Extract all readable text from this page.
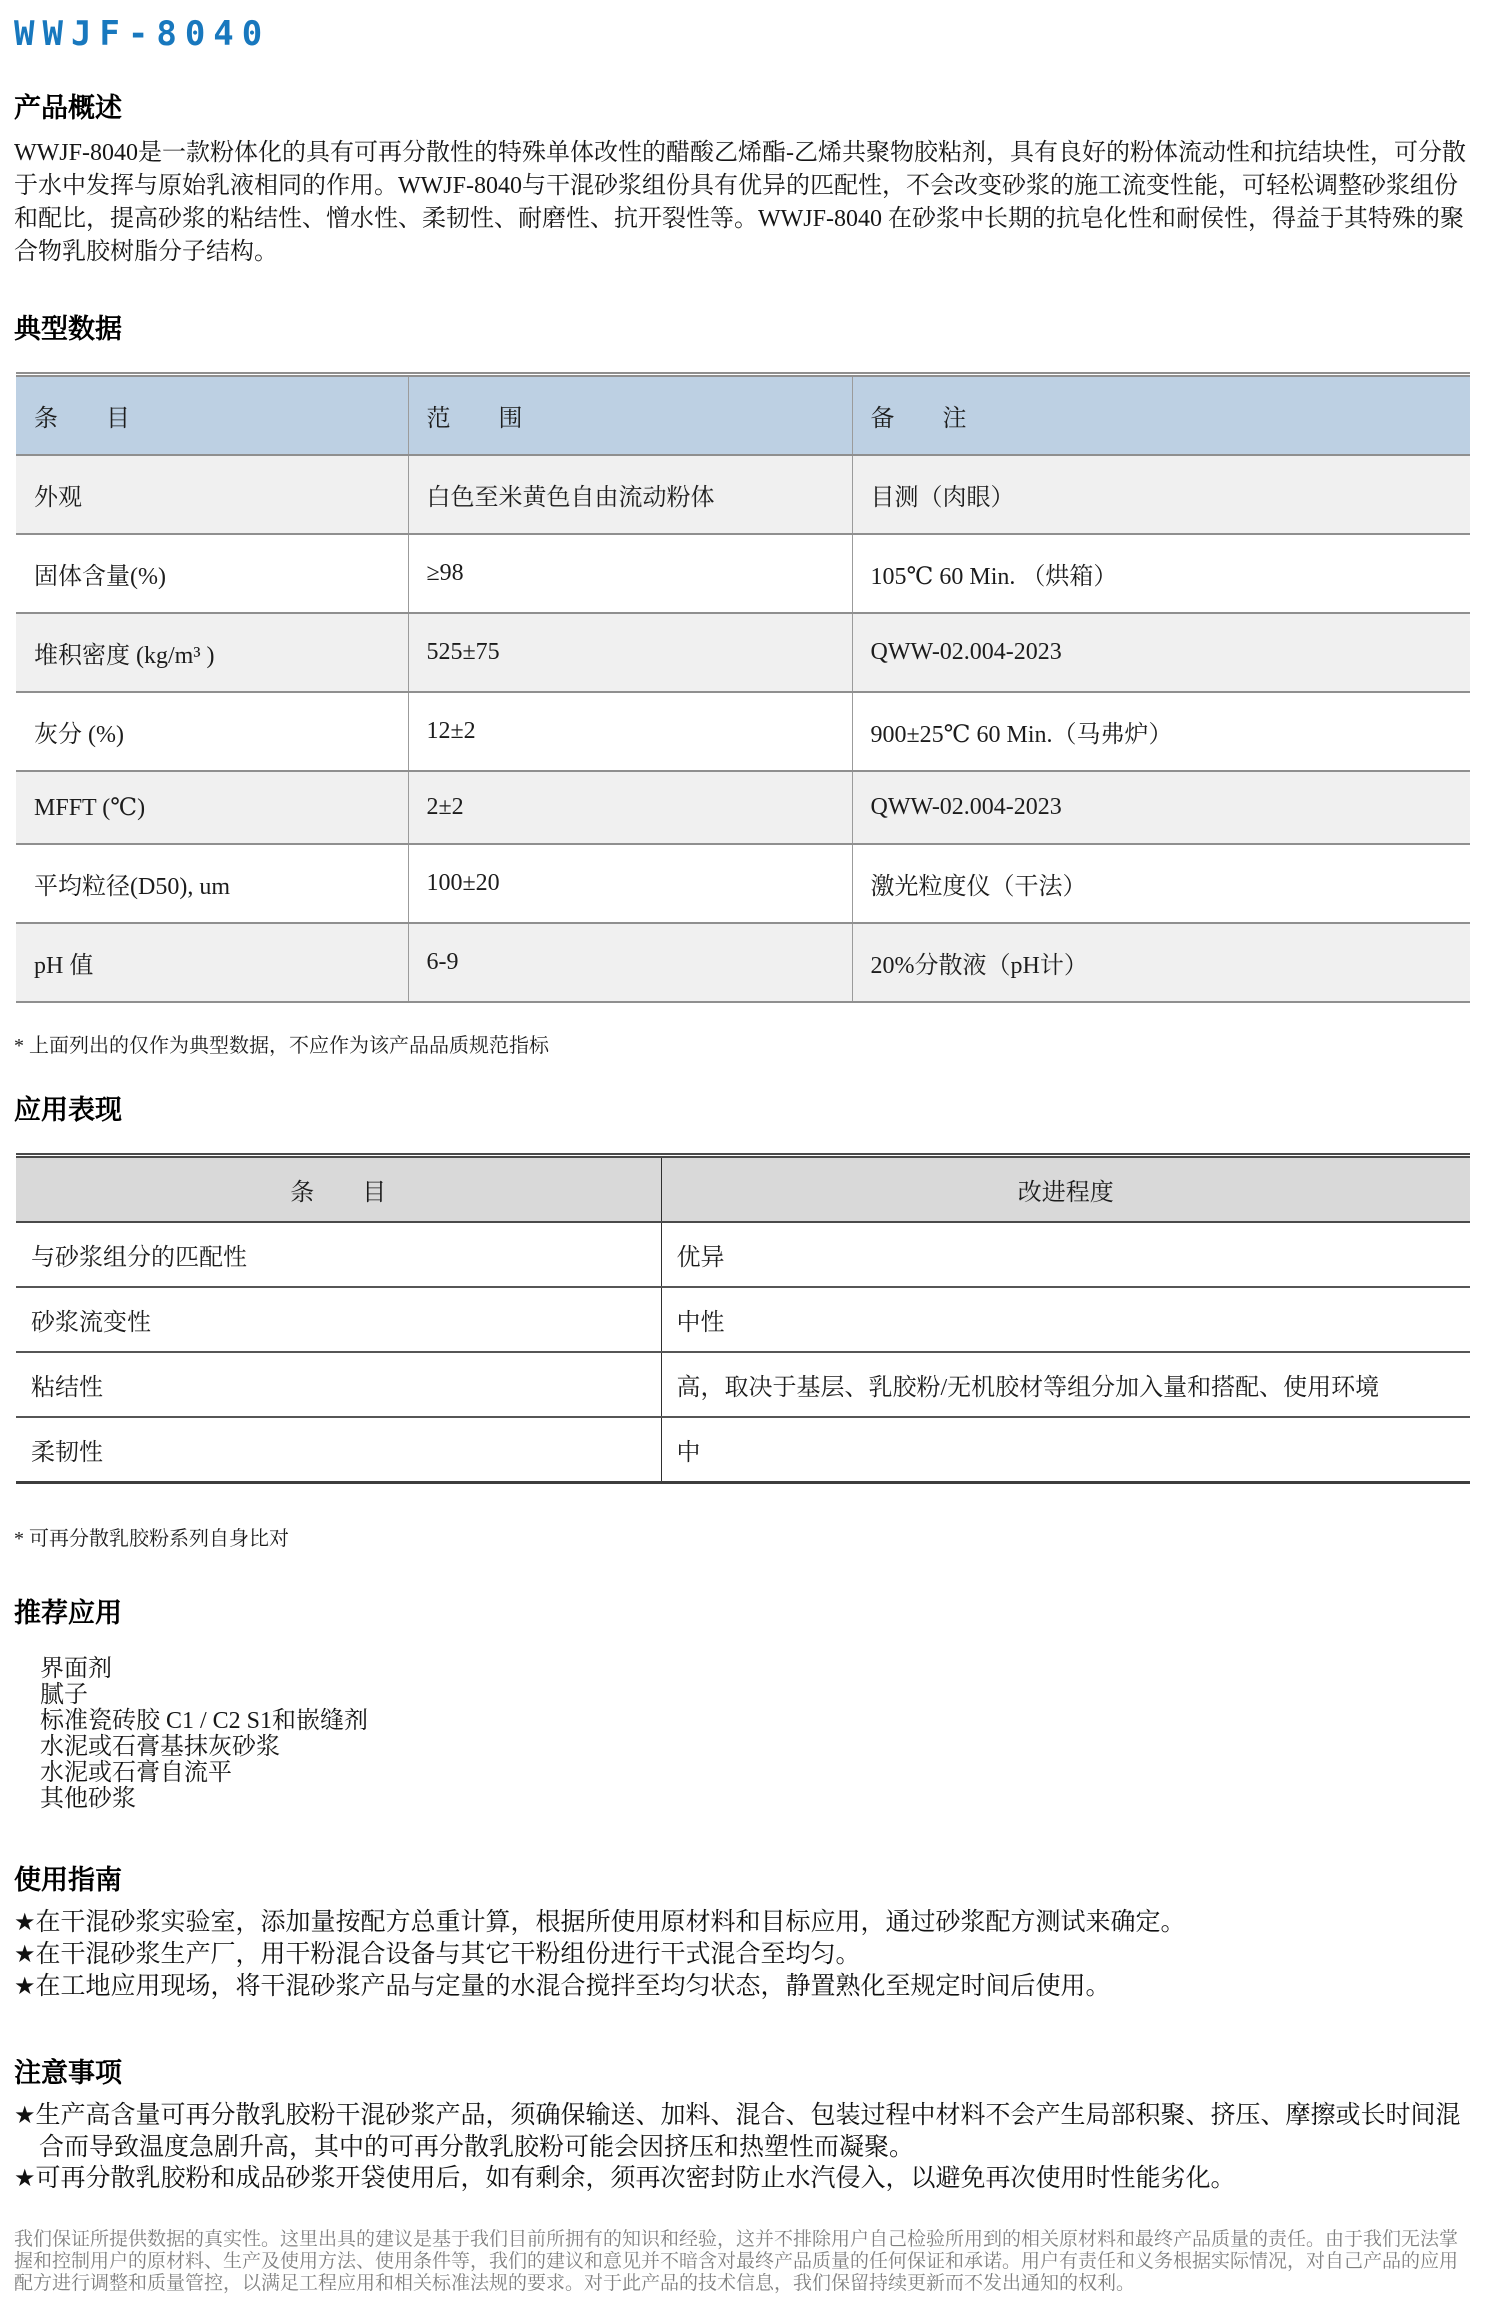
WWJF-8040
产品概述

WWJF-8040是一款粉体化的具有可再分散性的特殊单体改性的醋酸乙烯酯-乙烯共聚物胶粘剂，具有良好的粉体流动性和抗结块性，可分散于水中发挥与原始乳液相同的作用。WWJF-8040与干混砂浆组份具有优异的匹配性，不会改变砂浆的施工流变性能，可轻松调整砂浆组份和配比，提高砂浆的粘结性、憎水性、柔韧性、耐磨性、抗开裂性等。WWJF-8040 在砂浆中长期的抗皂化性和耐侯性，得益于其特殊的聚合物乳胶树脂分子结构。

典型数据
条　　目	范　　围	备　　注
外观	白色至米黄色自由流动粉体	目测（肉眼）
固体含量(%)	≥98	105℃ 60 Min. （烘箱）
堆积密度 (kg/m³ )	525±75	QWW-02.004-2023
灰分 (%)	12±2	900±25℃ 60 Min.（马弗炉）
MFFT (℃)	2±2	QWW-02.004-2023
平均粒径(D50), um	100±20	激光粒度仪（干法）
pH 值	6-9	20%分散液（pH计）
* 上面列出的仅作为典型数据，不应作为该产品品质规范指标
应用表现
条　　目	改进程度
与砂浆组分的匹配性	优异
砂浆流变性	中性
粘结性	高，取决于基层、乳胶粉/无机胶材等组分加入量和搭配、使用环境
柔韧性	中
* 可再分散乳胶粉系列自身比对
推荐应用
界面剂
腻子
标准瓷砖胶 C1 / C2 S1和嵌缝剂
水泥或石膏基抹灰砂浆
水泥或石膏自流平
其他砂浆
使用指南
★在干混砂浆实验室，添加量按配方总重计算，根据所使用原材料和目标应用，通过砂浆配方测试来确定。
★在干混砂浆生产厂，用干粉混合设备与其它干粉组份进行干式混合至均匀。
★在工地应用现场，将干混砂浆产品与定量的水混合搅拌至均匀状态，静置熟化至规定时间后使用。
注意事项
★生产高含量可再分散乳胶粉干混砂浆产品，须确保输送、加料、混合、包装过程中材料不会产生局部积聚、挤压、摩擦或长时间混合而导致温度急剧升高，其中的可再分散乳胶粉可能会因挤压和热塑性而凝聚。
★可再分散乳胶粉和成品砂浆开袋使用后，如有剩余，须再次密封防止水汽侵入，以避免再次使用时性能劣化。

我们保证所提供数据的真实性。这里出具的建议是基于我们目前所拥有的知识和经验，这并不排除用户自己检验所用到的相关原材料和最终产品质量的责任。由于我们无法掌握和控制用户的原材料、生产及使用方法、使用条件等，我们的建议和意见并不暗含对最终产品质量的任何保证和承诺。用户有责任和义务根据实际情况，对自己产品的应用配方进行调整和质量管控，以满足工程应用和相关标准法规的要求。对于此产品的技术信息，我们保留持续更新而不发出通知的权利。
